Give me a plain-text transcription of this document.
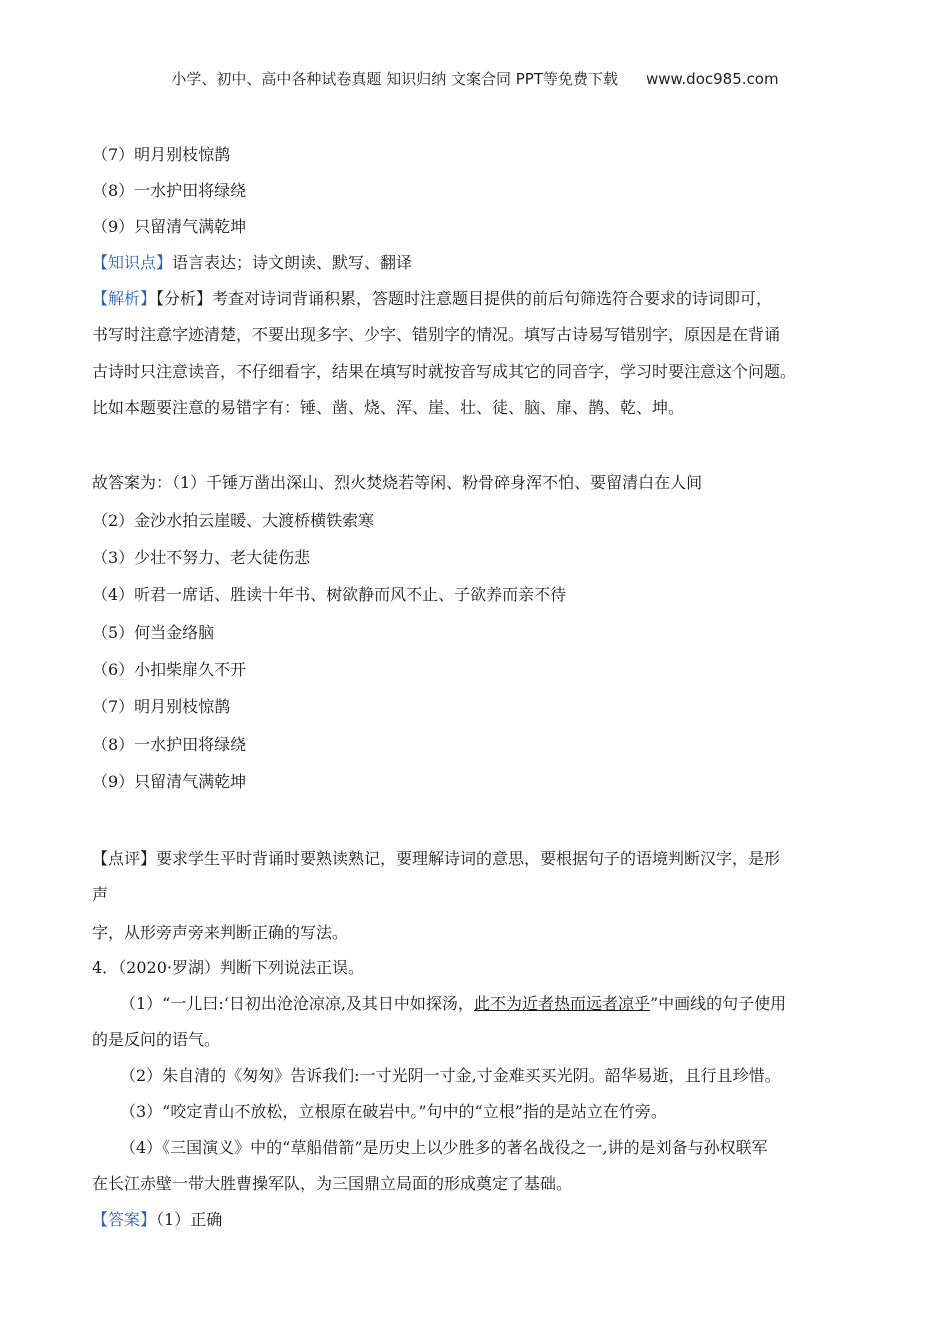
小学、初中、高中各种试卷真题 知识归纳 文案合同 PPT等免费下载 www.doc985.com
（7）明月别枝惊鹊
（8）一水护田将绿绕
（9）只留清气满乾坤
【知识点】语言表达；诗文朗读、默写、翻译
【解析】【分析】考查对诗词背诵积累，答题时注意题目提供的前后句筛选符合要求的诗词即可，
书写时注意字迹清楚，不要出现多字、少字、错别字的情况。填写古诗易写错别字，原因是在背诵
古诗时只注意读音，不仔细看字，结果在填写时就按音写成其它的同音字，学习时要注意这个问题。
比如本题要注意的易错字有：锤、凿、烧、浑、崖、壮、徒、脑、扉、鹊、乾、坤。
故答案为：（1）千锤万凿出深山、烈火焚烧若等闲、粉骨碎身浑不怕、要留清白在人间
（2）金沙水拍云崖暖、大渡桥横铁索寒
（3）少壮不努力、老大徒伤悲
（4）听君一席话、胜读十年书、树欲静而风不止、子欲养而亲不待
（5）何当金络脑
（6）小扣柴扉久不开
（7）明月别枝惊鹊
（8）一水护田将绿绕
（9）只留清气满乾坤
【点评】要求学生平时背诵时要熟读熟记，要理解诗词的意思，要根据句子的语境判断汉字，是形
声
字，从形旁声旁来判断正确的写法。
4．（2020·罗湖）判断下列说法正误。
（1）“一儿曰:‘日初出沧沧凉凉,及其日中如探汤，此不为近者热而远者凉乎”中画线的句子使用
的是反问的语气。
（2）朱自清的《匆匆》告诉我们:一寸光阴一寸金,寸金难买买光阴。韶华易逝，且行且珍惜。
（3）“咬定青山不放松，立根原在破岩中。”句中的“立根”指的是站立在竹旁。
（4）《三国演义》中的“草船借箭”是历史上以少胜多的著名战役之一,讲的是刘备与孙权联军
在长江赤壁一带大胜曹操军队，为三国鼎立局面的形成奠定了基础。
【答案】（1）正确
